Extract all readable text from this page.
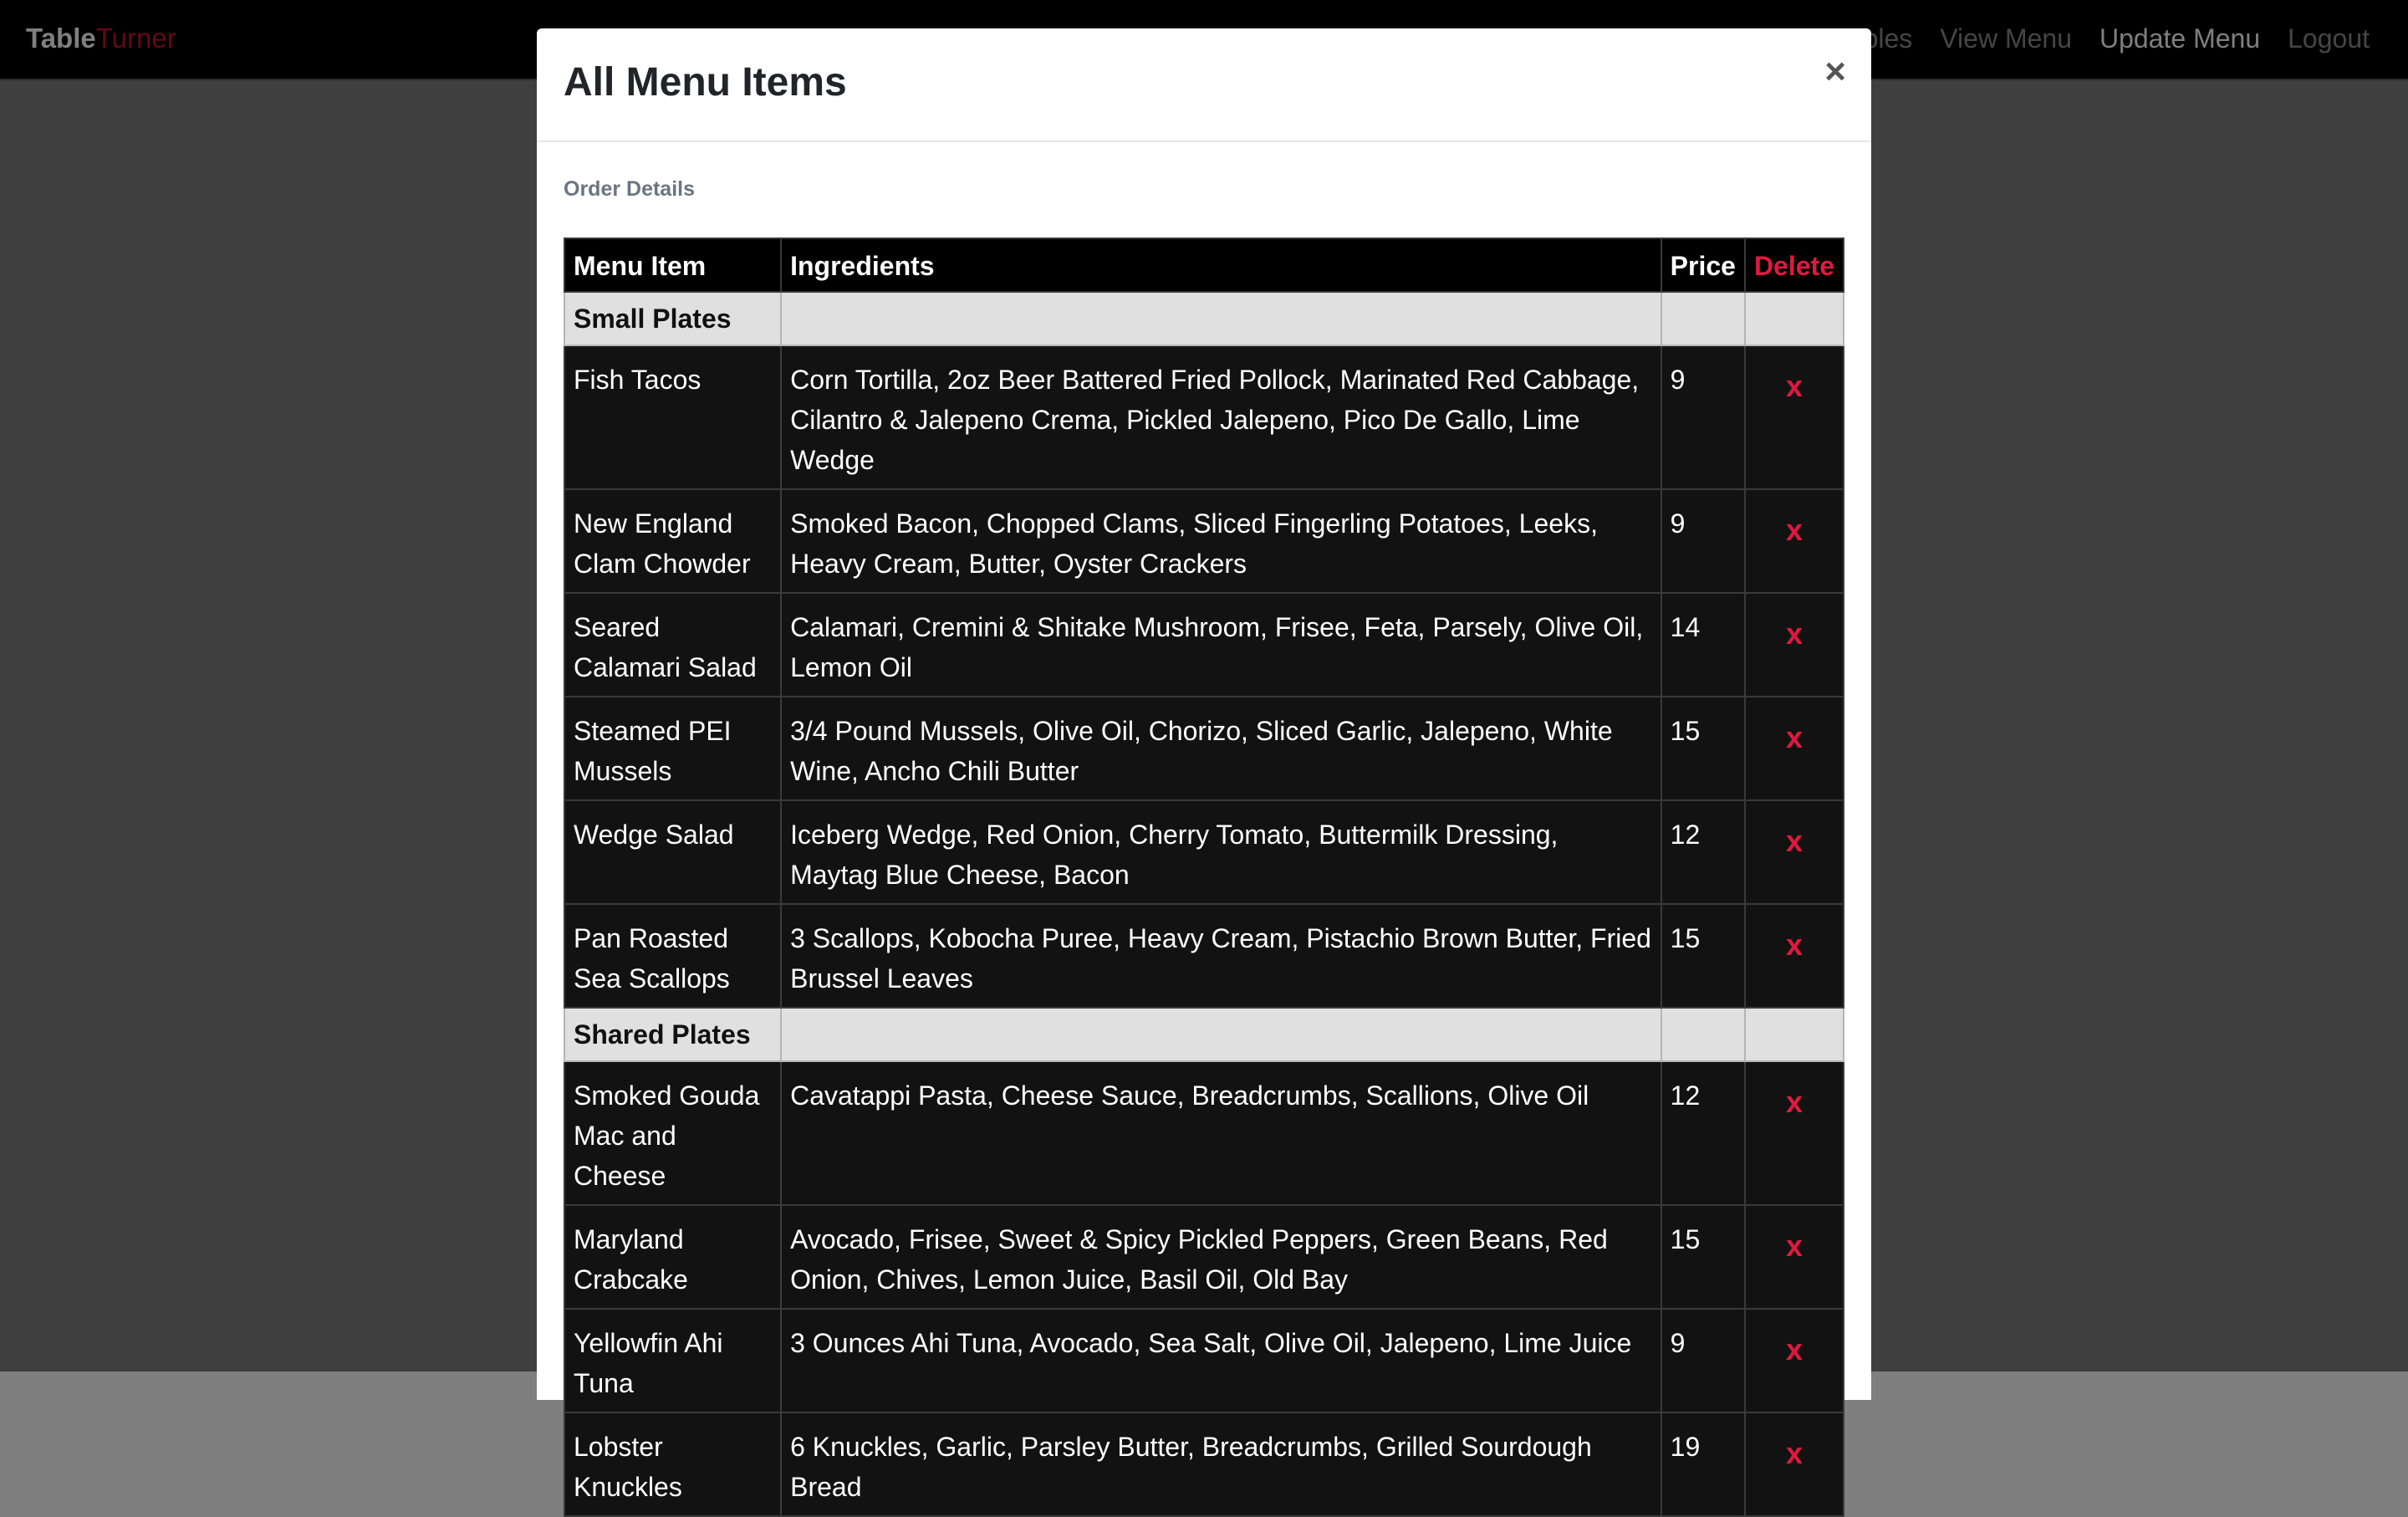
All Menu Items	×
Order Details
Menu Item	Ingredients	Price	Delete
Small Plates			
Fish Tacos	Corn Tortilla, 2oz Beer Battered Fried Pollock, Marinated Red Cabbage, Cilantro & Jalepeno Crema, Pickled Jalepeno, Pico De Gallo, Lime Wedge	9	x
New England Clam Chowder	Smoked Bacon, Chopped Clams, Sliced Fingerling Potatoes, Leeks, Heavy Cream, Butter, Oyster Crackers	9	x
Seared Calamari Salad	Calamari, Cremini & Shitake Mushroom, Frisee, Feta, Parsely, Olive Oil, Lemon Oil	14	x
Steamed PEI Mussels	3/4 Pound Mussels, Olive Oil, Chorizo, Sliced Garlic, Jalepeno, White Wine, Ancho Chili Butter	15	x
Wedge Salad	Iceberg Wedge, Red Onion, Cherry Tomato, Buttermilk Dressing, Maytag Blue Cheese, Bacon	12	x
Pan Roasted Sea Scallops	3 Scallops, Kobocha Puree, Heavy Cream, Pistachio Brown Butter, Fried Brussel Leaves	15	x
Shared Plates			
Smoked Gouda Mac and Cheese	Cavatappi Pasta, Cheese Sauce, Breadcrumbs, Scallions, Olive Oil	12	x
Maryland Crabcake	Avocado, Frisee, Sweet & Spicy Pickled Peppers, Green Beans, Red Onion, Chives, Lemon Juice, Basil Oil, Old Bay	15	x
Yellowfin Ahi Tuna	3 Ounces Ahi Tuna, Avocado, Sea Salt, Olive Oil, Jalepeno, Lime Juice	9	x
Lobster Knuckles	6 Knuckles, Garlic, Parsley Butter, Breadcrumbs, Grilled Sourdough Bread	19	x
